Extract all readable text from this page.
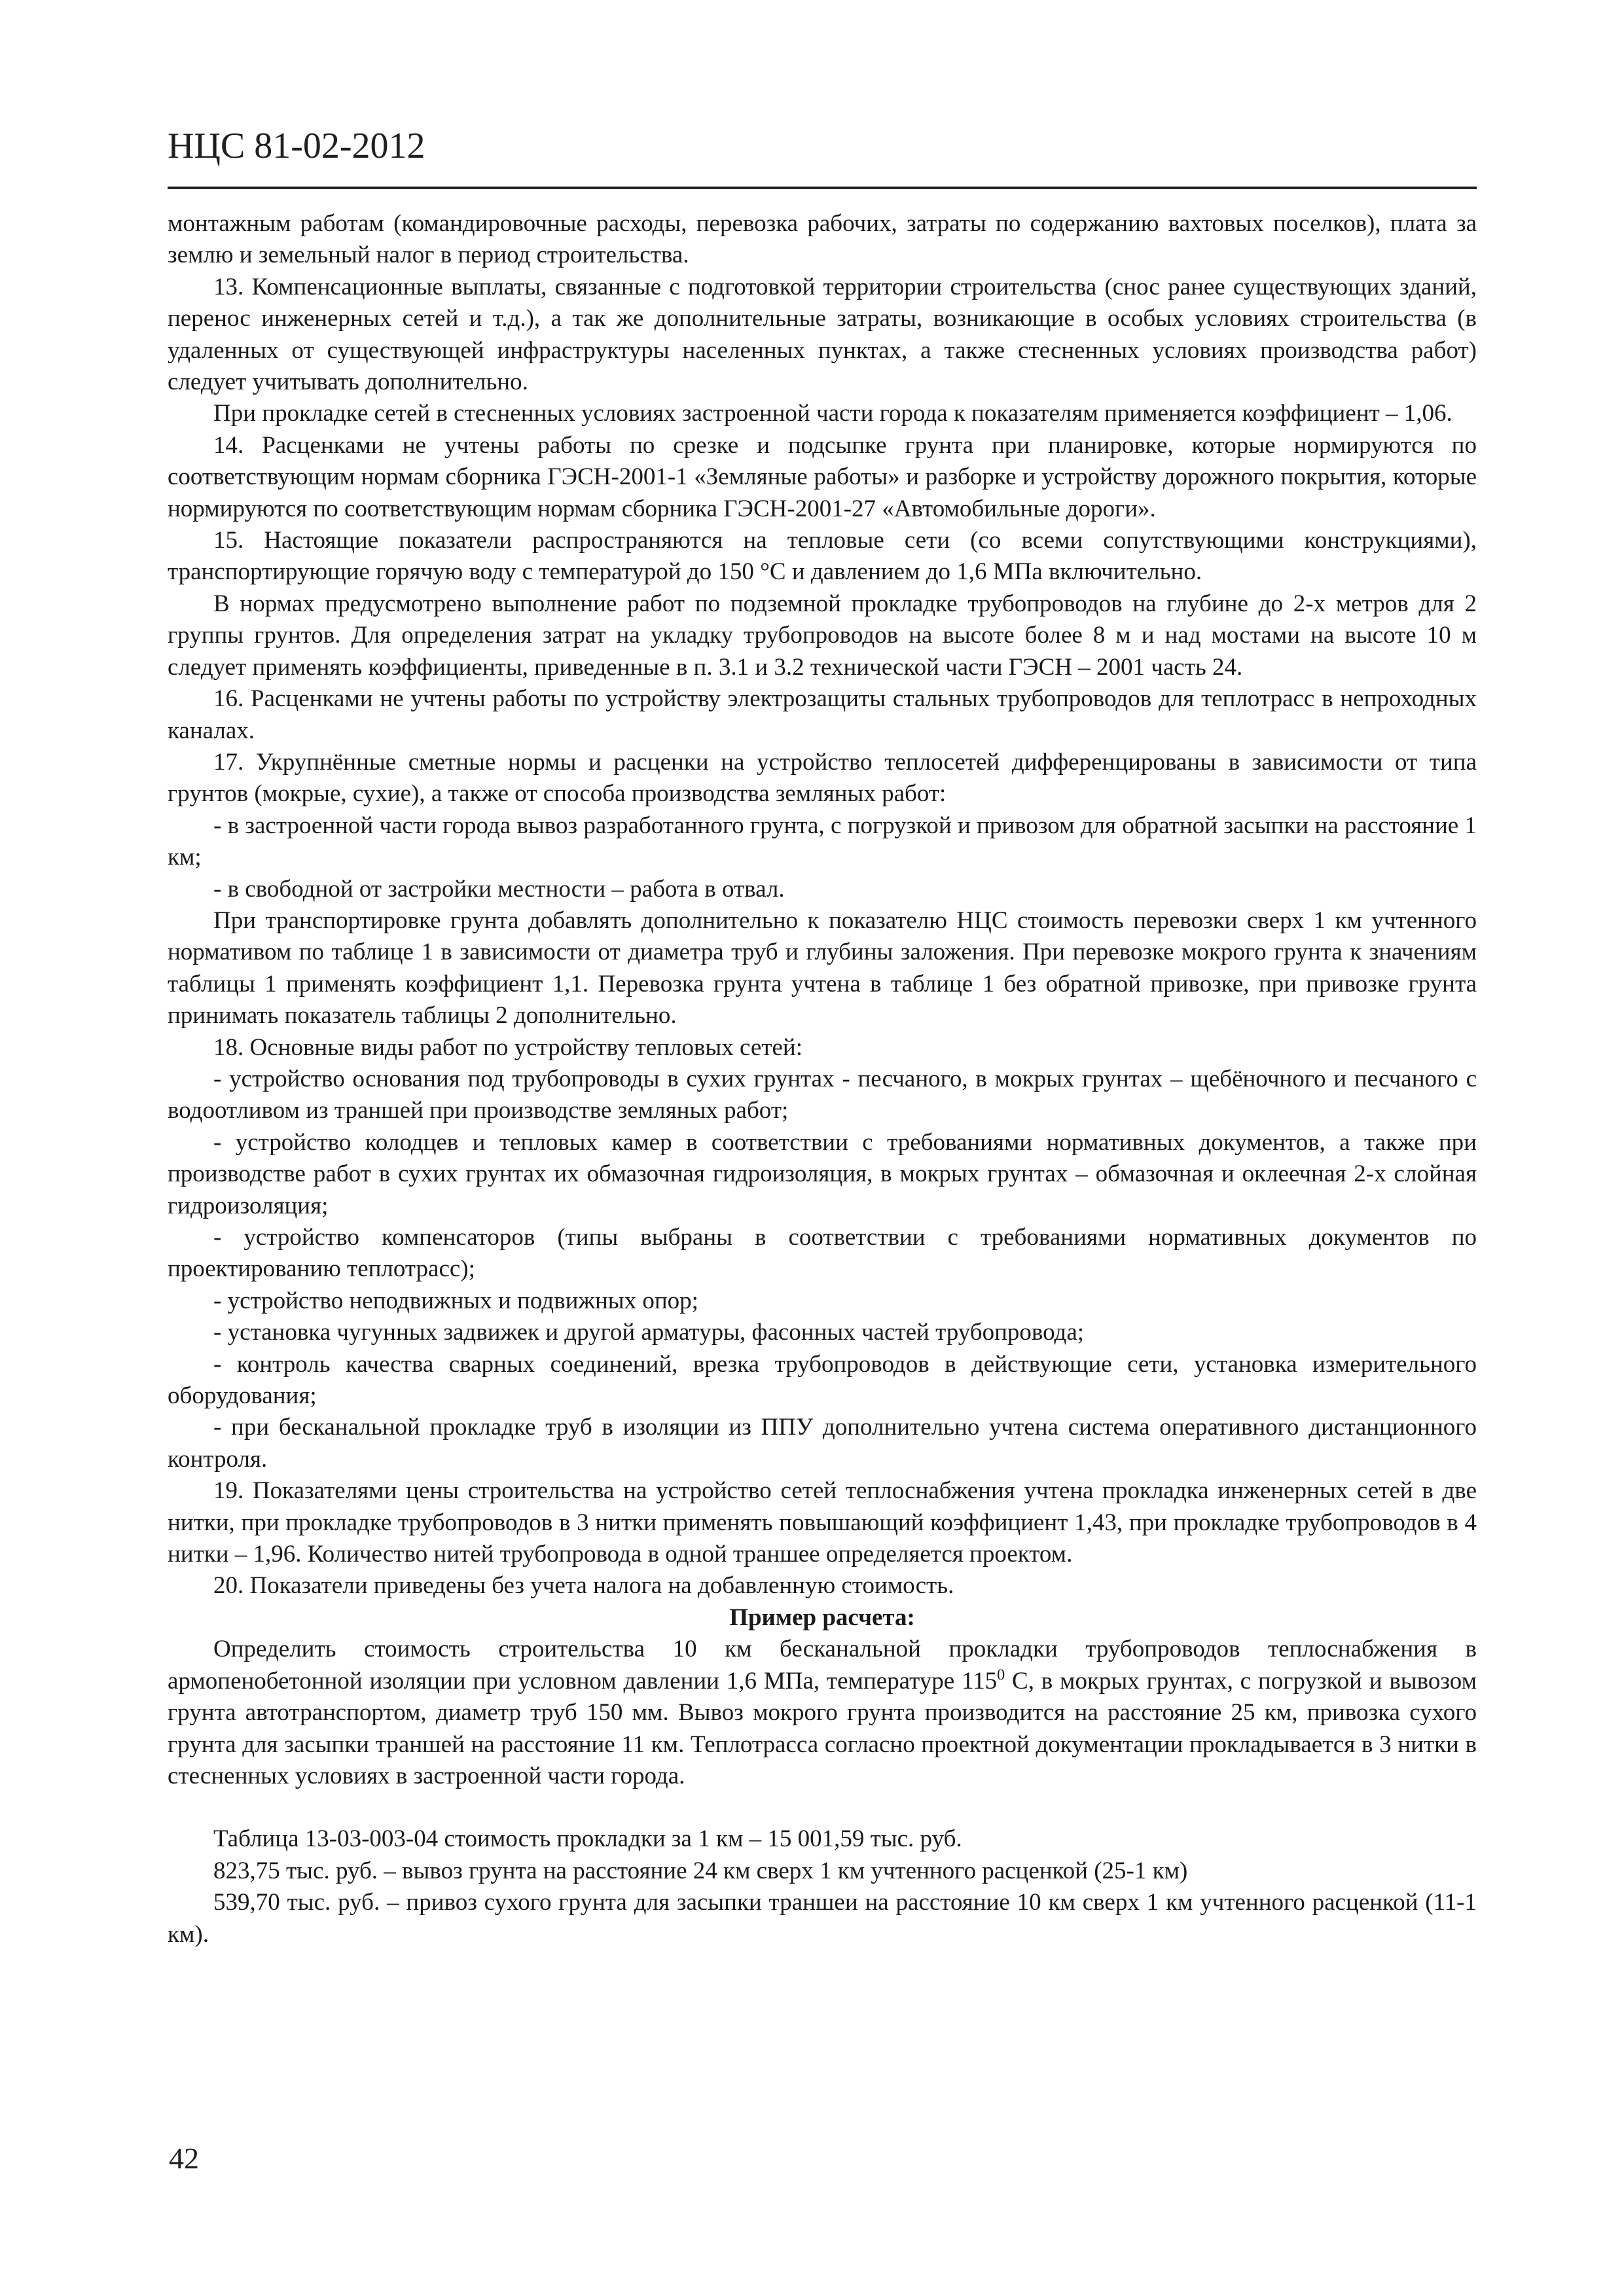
НЦС 81-02-2012

монтажным работам (командировочные расходы, перевозка рабочих, затраты по содержанию вахтовых поселков), плата за землю и земельный налог в период строительства.

13. Компенсационные выплаты, связанные с подготовкой территории строительства (снос ранее существующих зданий, перенос инженерных сетей и т.д.), а так же дополнительные затраты, возникающие в особых условиях строительства (в удаленных от существующей инфраструктуры населенных пунктах, а также стесненных условиях производства работ) следует учитывать дополнительно.

При прокладке сетей в стесненных условиях застроенной части города к показателям применяется коэффициент – 1,06.

14. Расценками не учтены работы по срезке и подсыпке грунта при планировке, которые нормируются по соответствующим нормам сборника ГЭСН-2001-1 «Земляные работы» и разборке и устройству дорожного покрытия, которые нормируются по соответствующим нормам сборника ГЭСН-2001-27 «Автомобильные дороги».

15. Настоящие показатели распространяются на тепловые сети (со всеми сопутствующими конструкциями), транспортирующие горячую воду с температурой до 150 °С и давлением до 1,6 МПа включительно.

В нормах предусмотрено выполнение работ по подземной прокладке трубопроводов на глубине до 2-х метров для 2 группы грунтов. Для определения затрат на укладку трубопроводов на высоте более 8 м и над мостами на высоте 10 м следует применять коэффициенты, приведенные в п. 3.1 и 3.2 технической части ГЭСН – 2001 часть 24.

16. Расценками не учтены работы по устройству электрозащиты стальных трубопроводов для теплотрасс в непроходных каналах.

17. Укрупнённые сметные нормы и расценки на устройство теплосетей дифференцированы в зависимости от типа грунтов (мокрые, сухие), а также от способа производства земляных работ:

- в застроенной части города вывоз разработанного грунта, с погрузкой и привозом для обратной засыпки на расстояние 1 км;

- в свободной от застройки местности – работа в отвал.

При транспортировке грунта добавлять дополнительно к показателю НЦС стоимость перевозки сверх 1 км учтенного нормативом по таблице 1 в зависимости от диаметра труб и глубины заложения. При перевозке мокрого грунта к значениям таблицы 1 применять коэффициент 1,1. Перевозка грунта учтена в таблице 1 без обратной привозке, при привозке грунта принимать показатель таблицы 2 дополнительно.

18. Основные виды работ по устройству тепловых сетей:

- устройство основания под трубопроводы в сухих грунтах - песчаного, в мокрых грунтах – щебёночного и песчаного с водоотливом из траншей при производстве земляных работ;

- устройство колодцев и тепловых камер в соответствии с требованиями нормативных документов, а также при производстве работ в сухих грунтах их обмазочная гидроизоляция, в мокрых грунтах – обмазочная и оклеечная 2-х слойная гидроизоляция;

- устройство компенсаторов (типы выбраны в соответствии с требованиями нормативных документов по проектированию теплотрасс);

- устройство неподвижных и подвижных опор;

- установка чугунных задвижек и другой арматуры, фасонных частей трубопровода;

- контроль качества сварных соединений, врезка трубопроводов в действующие сети, установка измерительного оборудования;

- при бесканальной прокладке труб в изоляции из ППУ дополнительно учтена система оперативного дистанционного контроля.

19. Показателями цены строительства на устройство сетей теплоснабжения учтена прокладка инженерных сетей в две нитки, при прокладке трубопроводов в 3 нитки применять повышающий коэффициент 1,43, при прокладке трубопроводов в 4 нитки – 1,96. Количество нитей трубопровода в одной траншее определяется проектом.

20. Показатели приведены без учета налога на добавленную стоимость.

Пример расчета:

Определить стоимость строительства 10 км бесканальной прокладки трубопроводов теплоснабжения в армопенобетонной изоляции при условном давлении 1,6 МПа, температуре $115^0$ С, в мокрых грунтах, с погрузкой и вывозом грунта автотранспортом, диаметр труб 150 мм. Вывоз мокрого грунта производится на расстояние 25 км, привозка сухого грунта для засыпки траншей на расстояние 11 км. Теплотрасса согласно проектной документации прокладывается в 3 нитки в стесненных условиях в застроенной части города.

Таблица 13-03-003-04 стоимость прокладки за 1 км – 15 001,59 тыс. руб.

823,75 тыс. руб. – вывоз грунта на расстояние 24 км сверх 1 км учтенного расценкой (25-1 км)

539,70 тыс. руб. – привоз сухого грунта для засыпки траншеи на расстояние 10 км сверх 1 км учтенного расценкой (11-1 км).

42
